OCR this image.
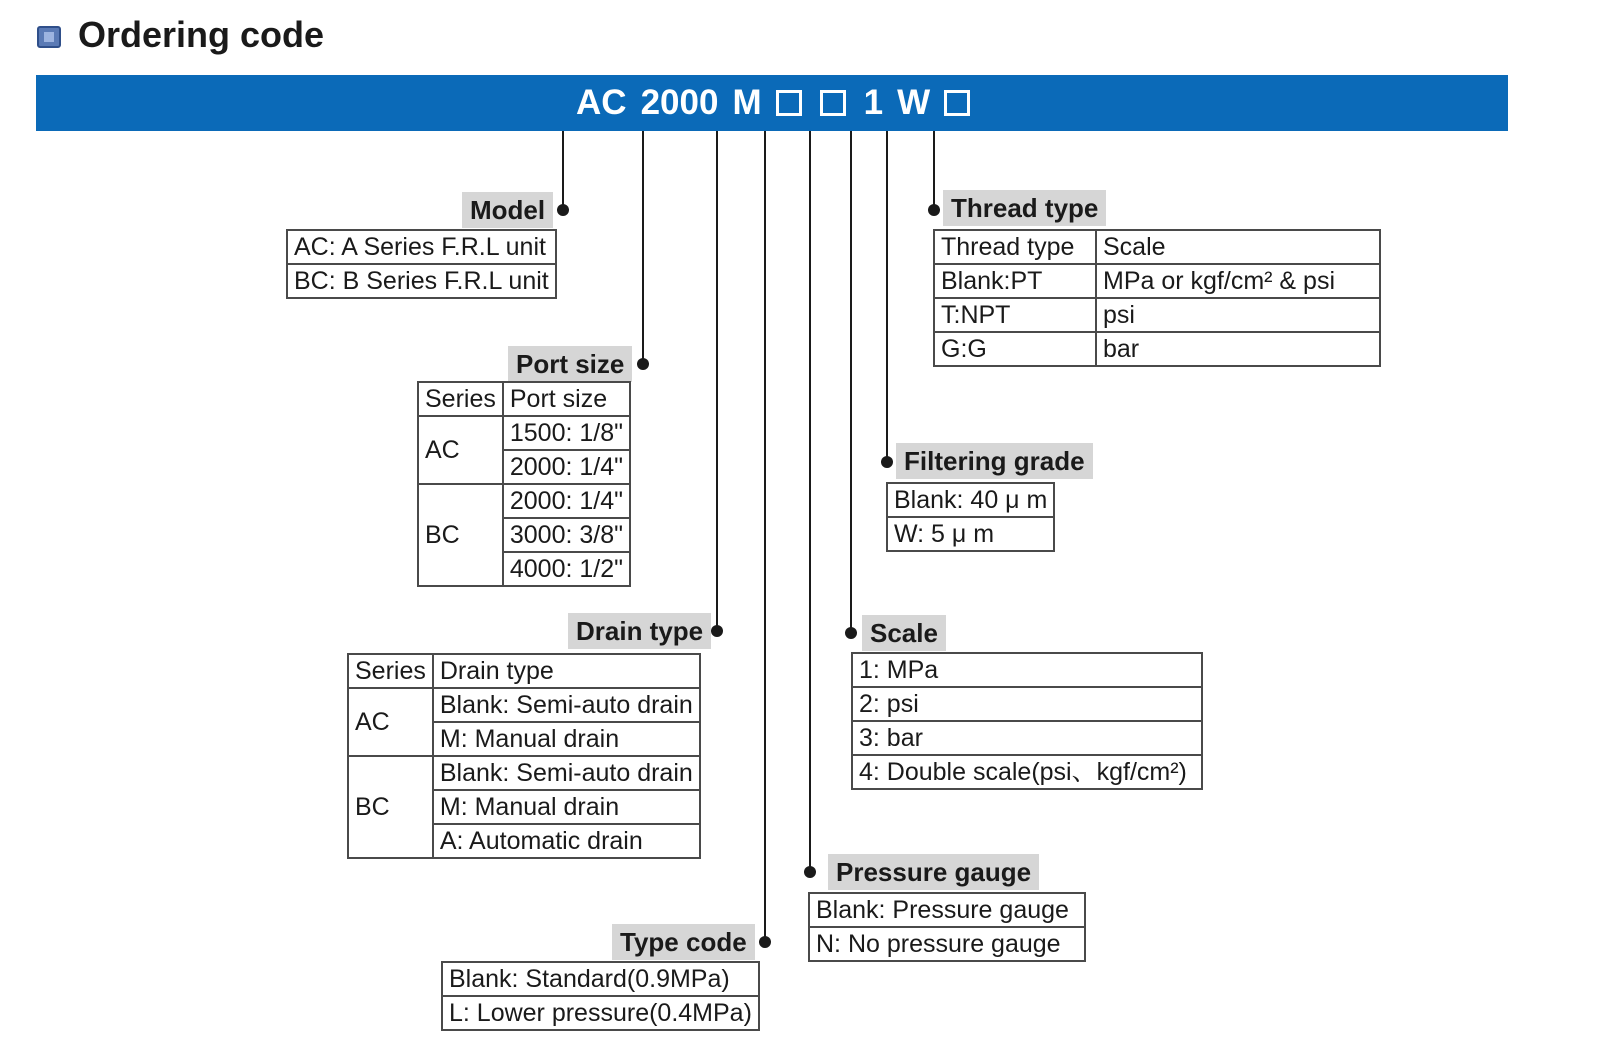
Ordering code
AC 2000 M	1 W
Model
AC: A Series F.R.L unit
BC: B Series F.R.L unit
Port size
Series	Port size
AC	1500: 1/8"
	2000: 1/4"
BC	2000: 1/4"
	3000: 3/8"
	4000: 1/2"
Drain type
Series	Drain type
AC	Blank: Semi-auto drain
	M: Manual drain
BC	Blank: Semi-auto drain
	M: Manual drain
	A: Automatic drain
Type code
Blank: Standard(0.9MPa)
L: Lower pressure(0.4MPa)
Thread type
Thread type	Scale
Blank:PT	MPa or kgf/cm² & psi
T:NPT	psi
G:G	bar
Filtering grade
Blank: 40 μ m
W: 5 μ m
Scale
1: MPa
2: psi
3: bar
4: Double scale(psi、kgf/cm²)
Pressure gauge
Blank: Pressure gauge
N: No pressure gauge
